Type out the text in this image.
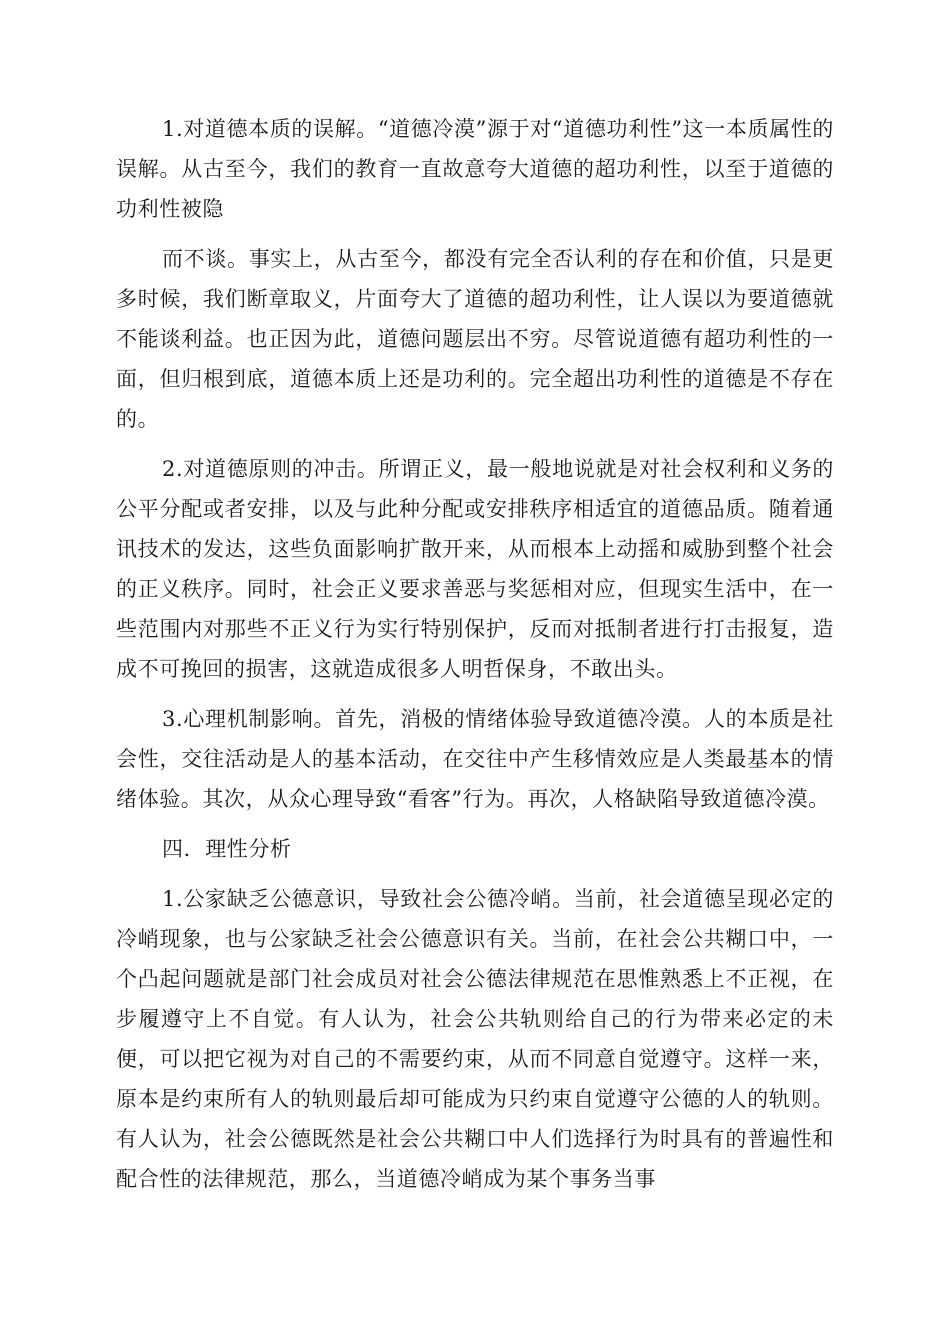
1.对道德本质的误解。“道德冷漠”源于对“道德功利性”这一本质属性的误解。从古至今，我们的教育一直故意夸大道德的超功利性，以至于道德的功利性被隐

而不谈。事实上，从古至今，都没有完全否认利的存在和价值，只是更多时候，我们断章取义，片面夸大了道德的超功利性，让人误以为要道德就不能谈利益。也正因为此，道德问题层出不穷。尽管说道德有超功利性的一面，但归根到底，道德本质上还是功利的。完全超出功利性的道德是不存在的。

2.对道德原则的冲击。所谓正义，最一般地说就是对社会权利和义务的公平分配或者安排，以及与此种分配或安排秩序相适宜的道德品质。随着通讯技术的发达，这些负面影响扩散开来，从而根本上动摇和威胁到整个社会的正义秩序。同时，社会正义要求善恶与奖惩相对应，但现实生活中，在一些范围内对那些不正义行为实行特别保护，反而对抵制者进行打击报复，造成不可挽回的损害，这就造成很多人明哲保身，不敢出头。

3.心理机制影响。首先，消极的情绪体验导致道德冷漠。人的本质是社会性，交往活动是人的基本活动，在交往中产生移情效应是人类最基本的情绪体验。其次，从众心理导致“看客”行为。再次，人格缺陷导致道德冷漠。

四．理性分析

1.公家缺乏公德意识，导致社会公德冷峭。当前，社会道德呈现必定的冷峭现象，也与公家缺乏社会公德意识有关。当前，在社会公共糊口中，一个凸起问题就是部门社会成员对社会公德法律规范在思惟熟悉上不正视，在步履遵守上不自觉。有人认为，社会公共轨则给自己的行为带来必定的未便，可以把它视为对自己的不需要约束，从而不同意自觉遵守。这样一来，原本是约束所有人的轨则最后却可能成为只约束自觉遵守公德的人的轨则。有人认为，社会公德既然是社会公共糊口中人们选择行为时具有的普遍性和配合性的法律规范，那么，当道德冷峭成为某个事务当事
